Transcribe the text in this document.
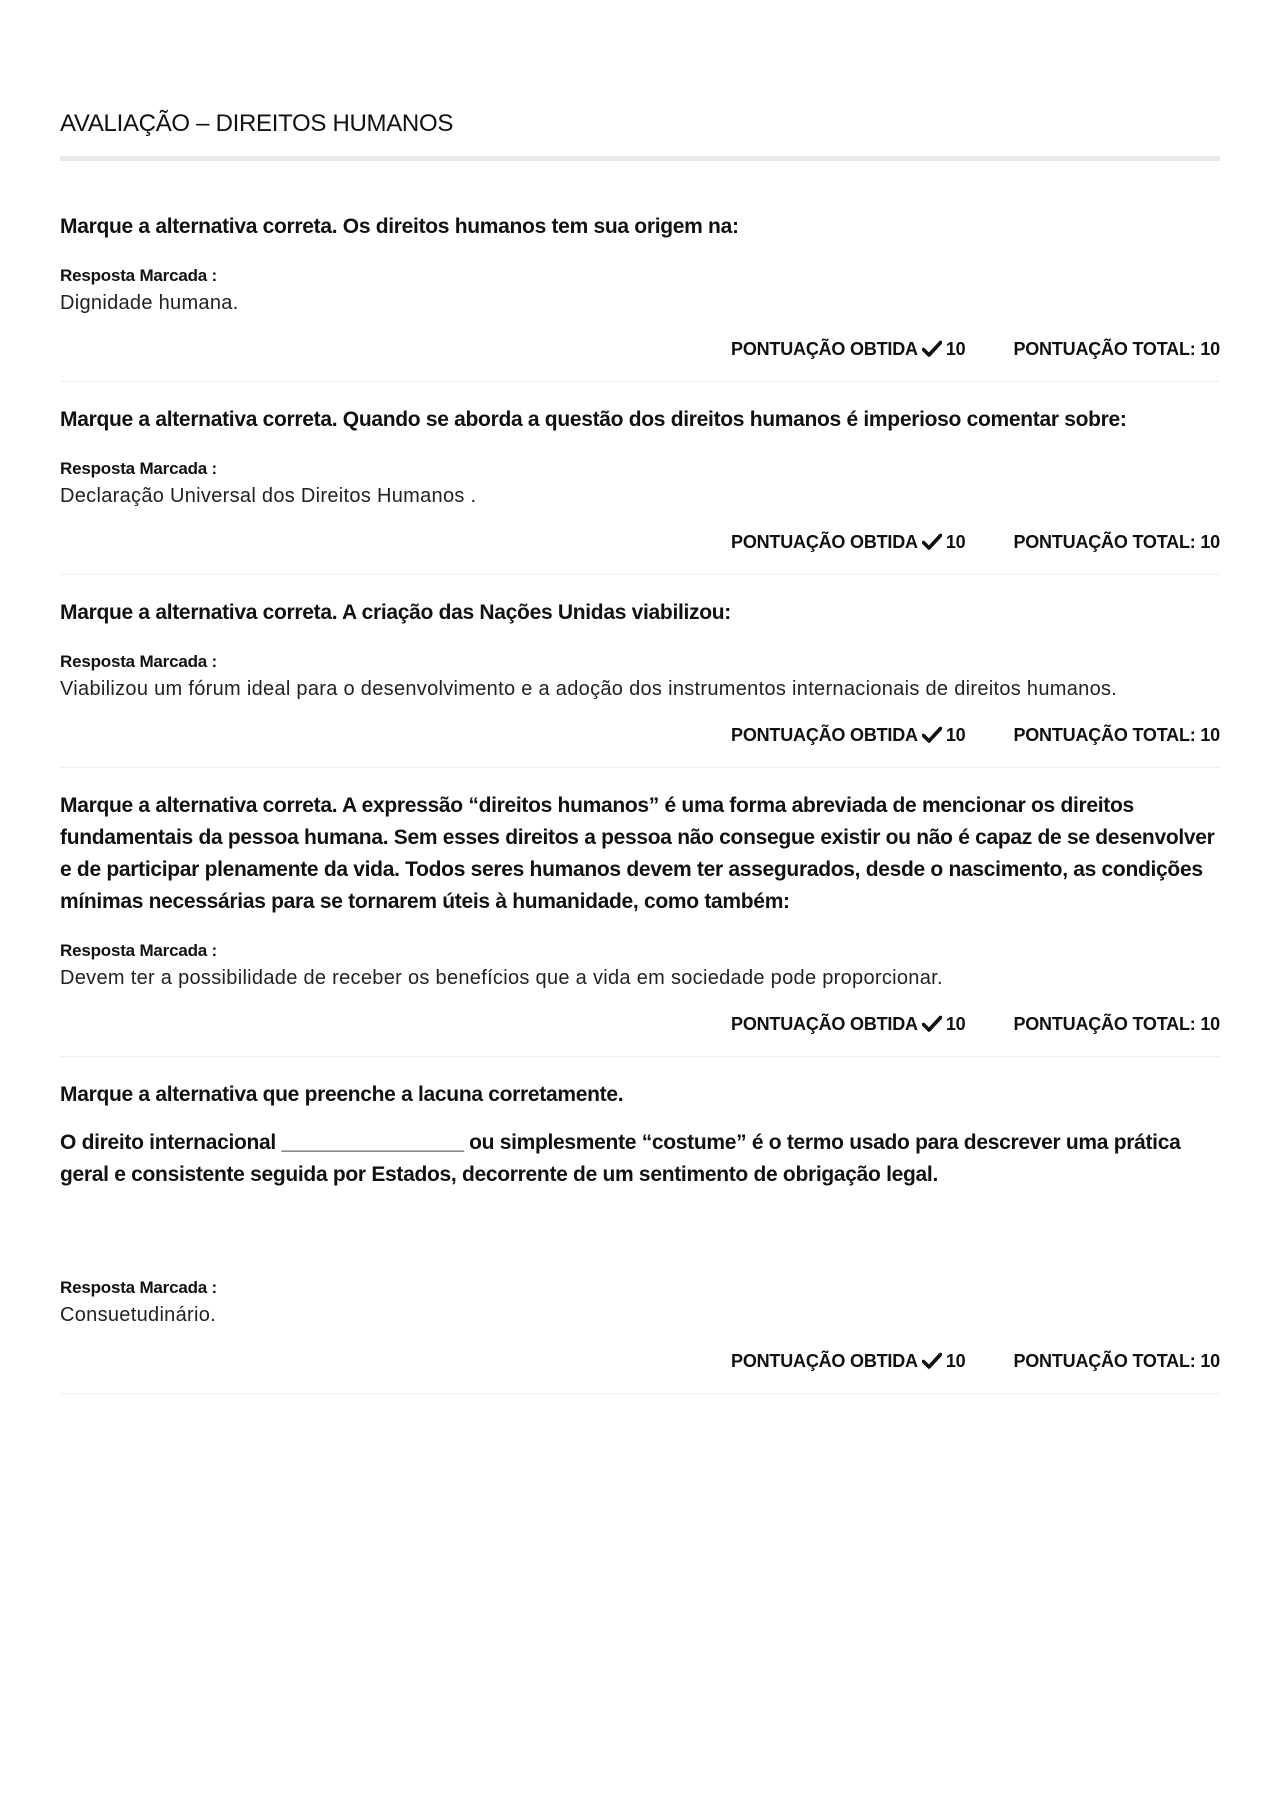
AVALIAÇÃO – DIREITOS HUMANOS

Marque a alternativa correta. Os direitos humanos tem sua origem na:

Resposta Marcada :
Dignidade humana.
PONTUAÇÃO OBTIDA 10	PONTUAÇÃO TOTAL: 10

Marque a alternativa correta. Quando se aborda a questão dos direitos humanos é imperioso comentar sobre:

Resposta Marcada :
Declaração Universal dos Direitos Humanos .
PONTUAÇÃO OBTIDA 10	PONTUAÇÃO TOTAL: 10

Marque a alternativa correta. A criação das Nações Unidas viabilizou:

Resposta Marcada :
Viabilizou um fórum ideal para o desenvolvimento e a adoção dos instrumentos internacionais de direitos humanos.
PONTUAÇÃO OBTIDA 10	PONTUAÇÃO TOTAL: 10

Marque a alternativa correta. A expressão “direitos humanos” é uma forma abreviada de mencionar os direitos fundamentais da pessoa humana. Sem esses direitos a pessoa não consegue existir ou não é capaz de se desenvolver e de participar plenamente da vida. Todos seres humanos devem ter assegurados, desde o nascimento, as condições mínimas necessárias para se tornarem úteis à humanidade, como também:

Resposta Marcada :
Devem ter a possibilidade de receber os benefícios que a vida em sociedade pode proporcionar.
PONTUAÇÃO OBTIDA 10	PONTUAÇÃO TOTAL: 10

Marque a alternativa que preenche a lacuna corretamente.

O direito internacional ________________ ou simplesmente “costume” é o termo usado para descrever uma prática geral e consistente seguida por Estados, decorrente de um sentimento de obrigação legal.

Resposta Marcada :
Consuetudinário.
PONTUAÇÃO OBTIDA 10	PONTUAÇÃO TOTAL: 10
